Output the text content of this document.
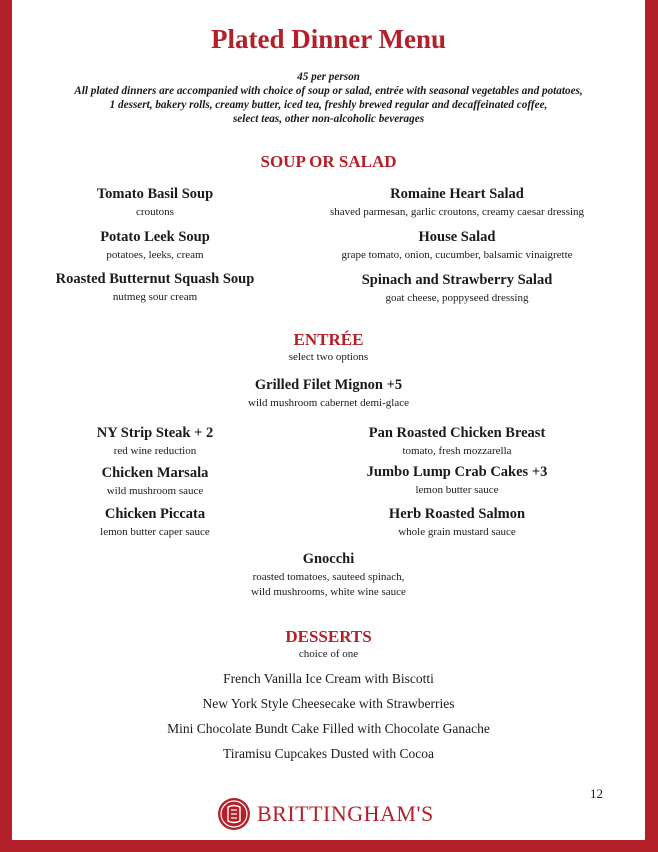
Plated Dinner Menu
45 per person
All plated dinners are accompanied with choice of soup or salad, entrée with seasonal vegetables and potatoes,
1 dessert, bakery rolls, creamy butter, iced tea, freshly brewed regular and decaffeinated coffee,
select teas, other non-alcoholic beverages
SOUP OR SALAD
Tomato Basil Soup
croutons
Potato Leek Soup
potatoes, leeks, cream
Roasted Butternut Squash Soup
nutmeg sour cream
Romaine Heart Salad
shaved parmesan, garlic croutons, creamy caesar dressing
House Salad
grape tomato, onion, cucumber, balsamic vinaigrette
Spinach and Strawberry Salad
goat cheese, poppyseed dressing
ENTRÉE
select two options
Grilled Filet Mignon +5
wild mushroom cabernet demi-glace
NY Strip Steak + 2
red wine reduction
Chicken Marsala
wild mushroom sauce
Chicken Piccata
lemon butter caper sauce
Pan Roasted Chicken Breast
tomato, fresh mozzarella
Jumbo Lump Crab Cakes +3
lemon butter sauce
Herb Roasted Salmon
whole grain mustard sauce
Gnocchi
roasted tomatoes, sauteed spinach,
wild mushrooms, white wine sauce
DESSERTS
choice of one
French Vanilla Ice Cream with Biscotti
New York Style Cheesecake with Strawberries
Mini Chocolate Bundt Cake Filled with Chocolate Ganache
Tiramisu Cupcakes Dusted with Cocoa
12
BRITTINGHAM'S
